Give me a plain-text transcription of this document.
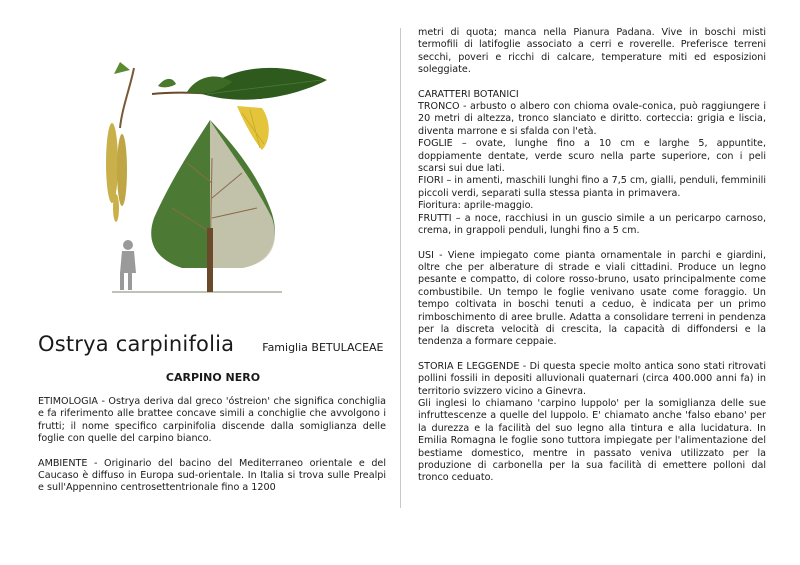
Ostrya carpinifolia	Famiglia BETULACEAE
CARPINO NERO

ETIMOLOGIA - Ostrya deriva dal greco 'óstreion' che significa conchiglia e fa riferimento alle brattee concave simili a conchiglie che avvolgono i frutti; il nome specifico carpinifolia discende dalla somiglianza delle foglie con quelle del carpino bianco.

AMBIENTE - Originario del bacino del Mediterraneo orientale e del Caucaso è diffuso in Europa sud-orientale. In Italia si trova sulle Prealpi e sull'Appennino centrosettentrionale fino a 1200

metri di quota; manca nella Pianura Padana. Vive in boschi misti termofili di latifoglie associato a cerri e roverelle. Preferisce terreni secchi, poveri e ricchi di calcare, temperature miti ed esposizioni soleggiate.

CARATTERI BOTANICI

TRONCO - arbusto o albero con chioma ovale-conica, può raggiungere i 20 metri di altezza, tronco slanciato e diritto. corteccia: grigia e liscia, diventa marrone e si sfalda con l'età.

FOGLIE – ovate, lunghe fino a 10 cm e larghe 5, appuntite, doppiamente dentate, verde scuro nella parte superiore, con i peli scarsi sui due lati.

FIORI – in amenti, maschili lunghi fino a 7,5 cm, gialli, penduli, femminili piccoli verdi, separati sulla stessa pianta in primavera.

Fioritura: aprile-maggio.

FRUTTI – a noce, racchiusi in un guscio simile a un pericarpo carnoso, crema, in grappoli penduli, lunghi fino a 5 cm.

USI - Viene impiegato come pianta ornamentale in parchi e giardini, oltre che per alberature di strade e viali cittadini. Produce un legno pesante e compatto, di colore rosso-bruno, usato principalmente come combustibile. Un tempo le foglie venivano usate come foraggio. Un tempo coltivata in boschi tenuti a ceduo, è indicata per un primo rimboschimento di aree brulle. Adatta a consolidare terreni in pendenza per la discreta velocità di crescita, la capacità di diffondersi e la tendenza a formare ceppaie.

STORIA E LEGGENDE - Di questa specie molto antica sono stati ritrovati pollini fossili in depositi alluvionali quaternari (circa 400.000 anni fa) in territorio svizzero vicino a Ginevra.

Gli inglesi lo chiamano 'carpino luppolo' per la somiglianza delle sue infruttescenze a quelle del luppolo. E' chiamato anche 'falso ebano' per la durezza e la facilità del suo legno alla tintura e alla lucidatura. In Emilia Romagna le foglie sono tuttora impiegate per l'alimentazione del bestiame domestico, mentre in passato veniva utilizzato per la produzione di carbonella per la sua facilità di emettere polloni dal tronco ceduato.
